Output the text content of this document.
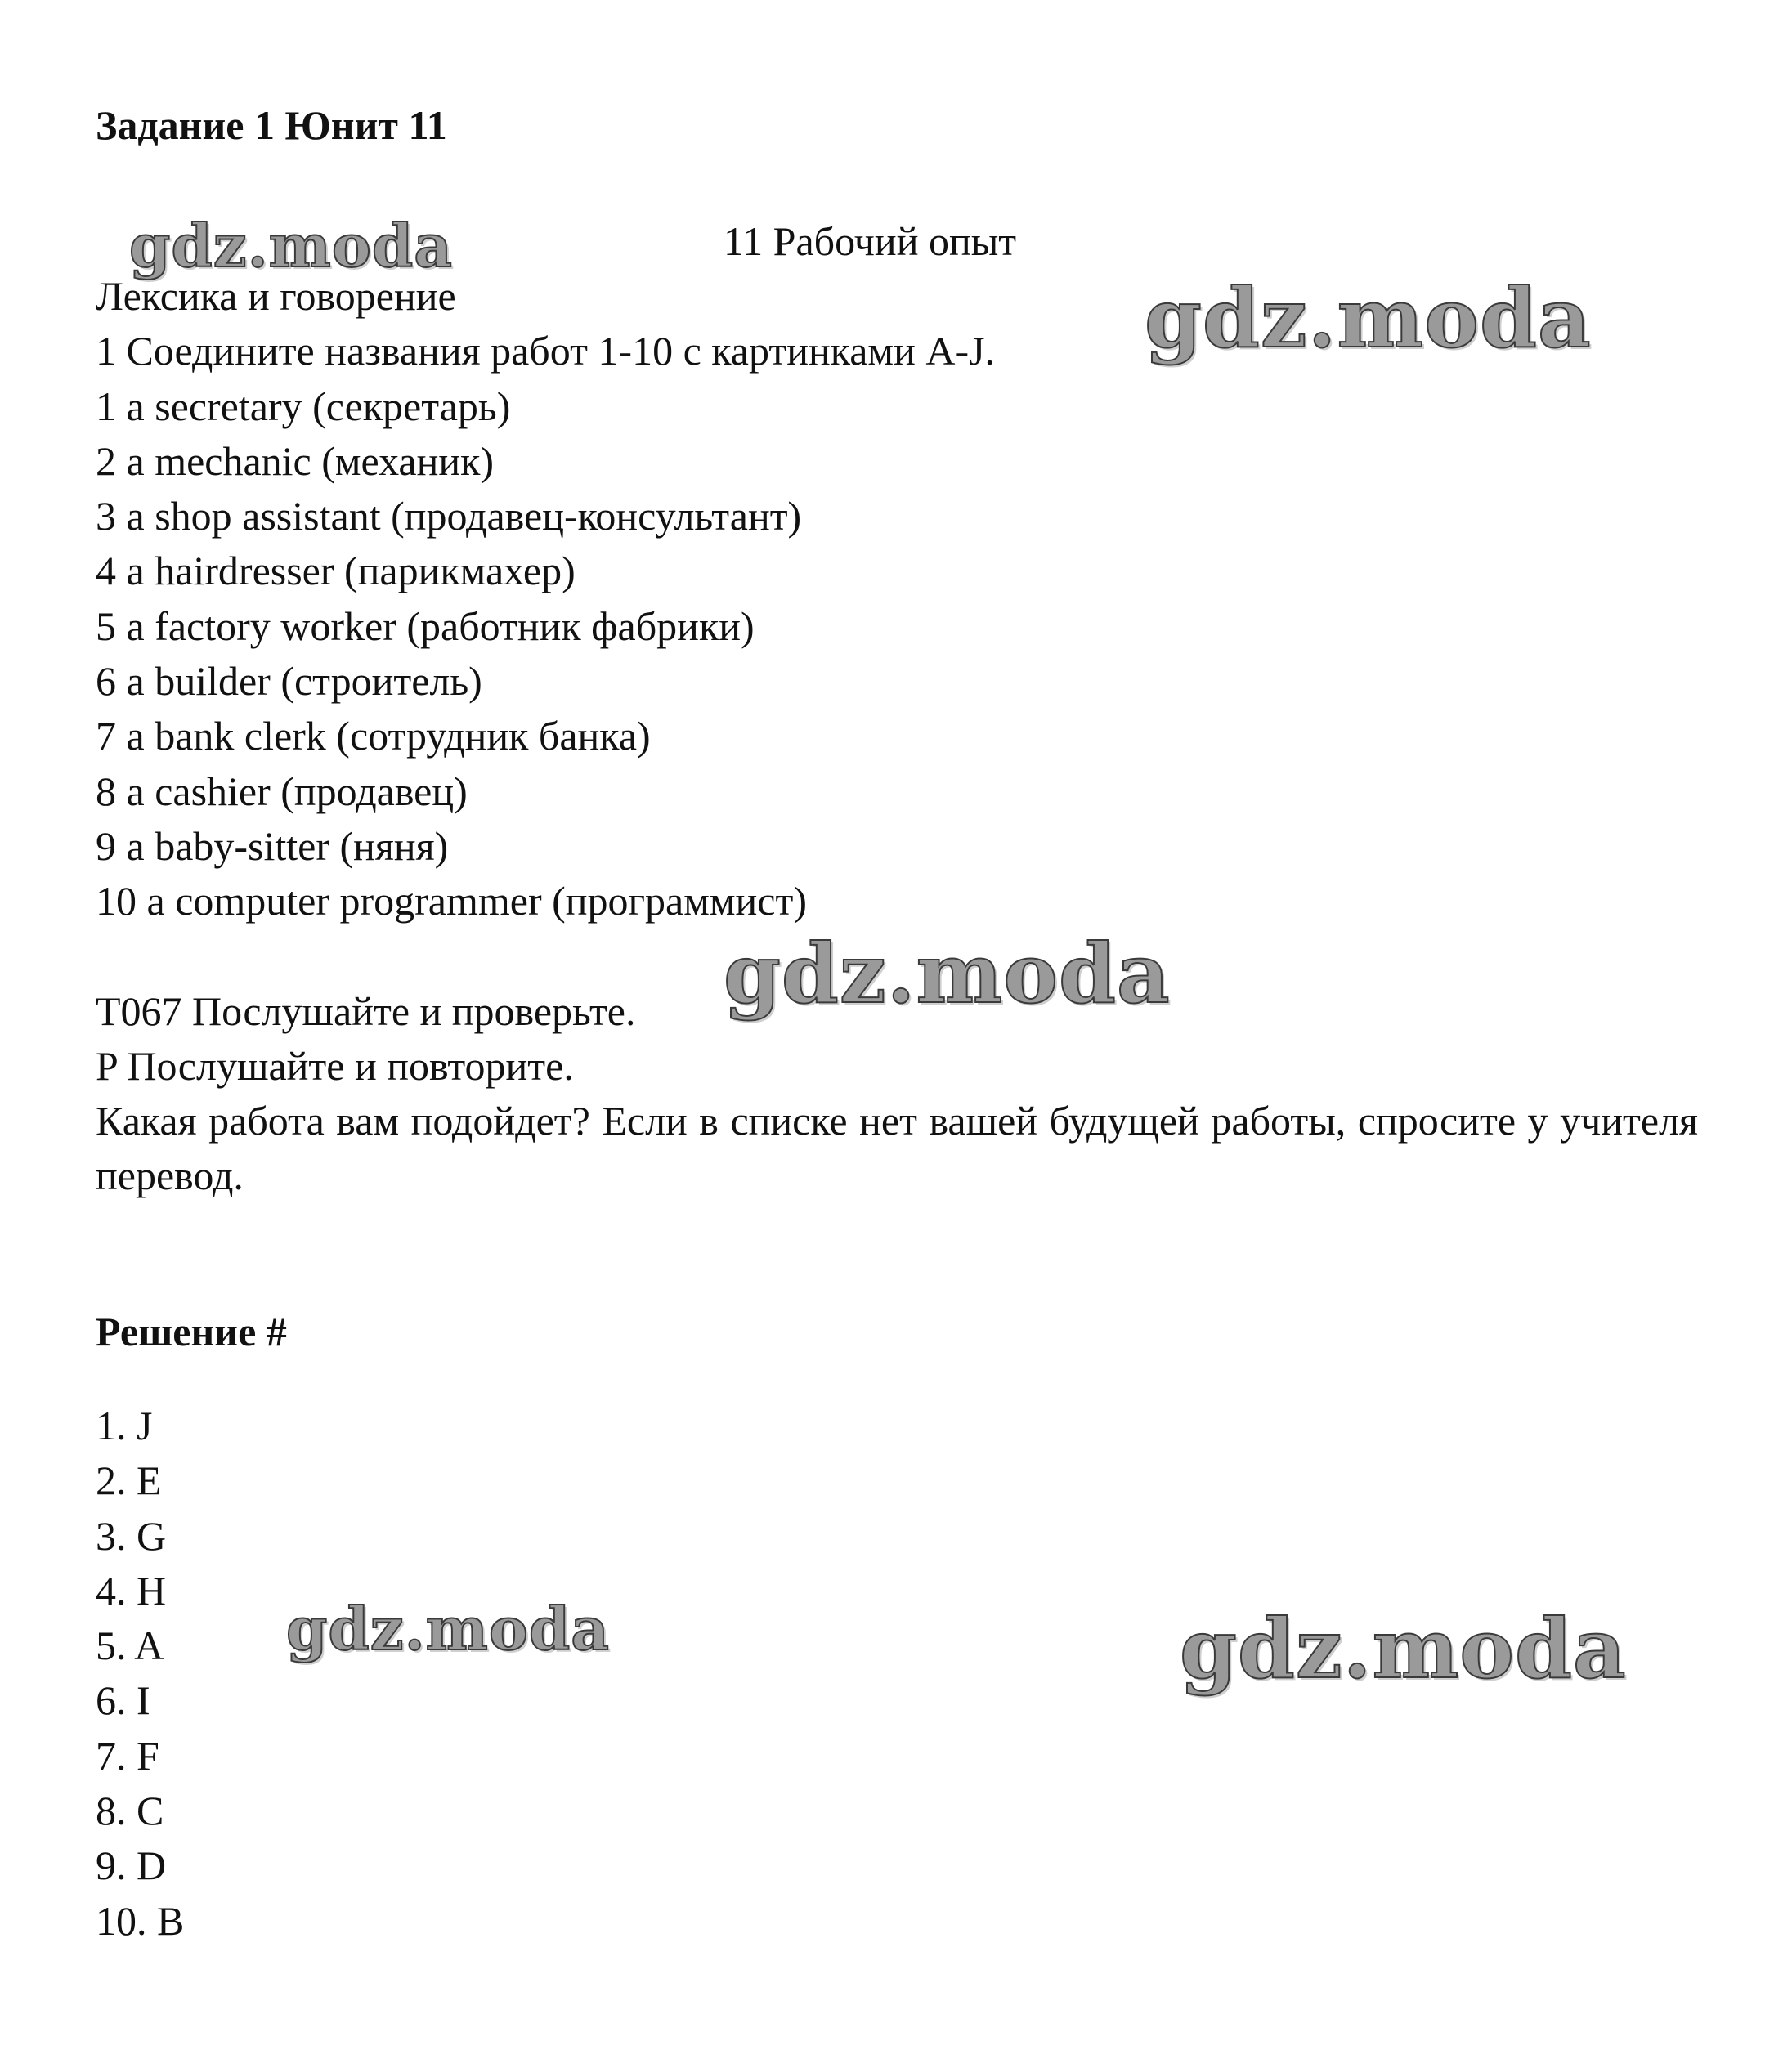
Задание 1 Юнит 11
11 Рабочий опыт
Лексика и говорение
1 Соедините названия работ 1-10 с картинками A-J.
1 a secretary (секретарь)
2 a mechanic (механик)
3 a shop assistant (продавец-консультант)
4 a hairdresser (парикмахер)
5 a factory worker (работник фабрики)
6 a builder (строитель)
7 a bank clerk (сотрудник банка)
8 a cashier (продавец)
9 a baby-sitter (няня)
10 a computer programmer (программист)
T067 Послушайте и проверьте.
P Послушайте и повторите.

Какая работа вам подойдет? Если в списке нет вашей будущей работы, спросите у учителя перевод.

Решение #
1. J
2. E
3. G
4. H
5. A
6. I
7. F
8. C
9. D
10. B
gdz.moda
gdz.moda
gdz.moda
gdz.moda	gdz.moda
